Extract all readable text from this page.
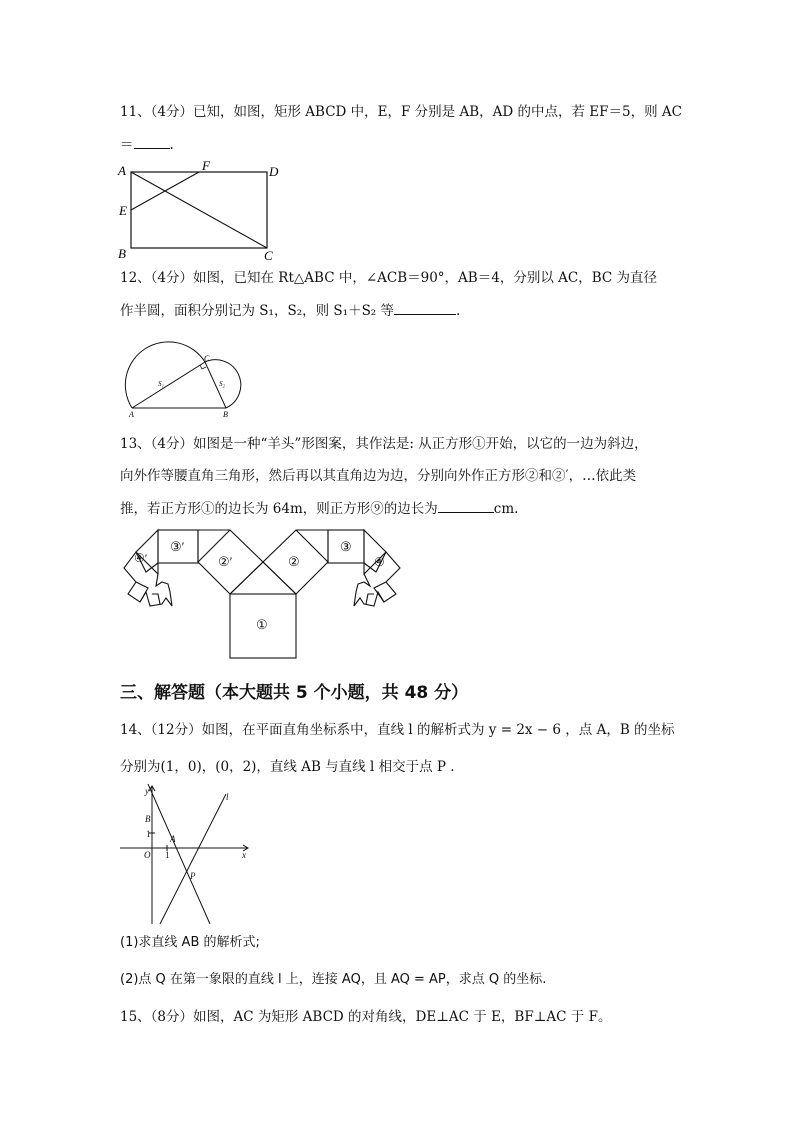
11、（4分）已知，如图，矩形 ABCD 中，E，F 分别是 AB，AD 的中点，若 EF＝5，则 AC
＝	.
A
E
B
F	D
C
12、（4分）如图，已知在 Rt△ABC 中，∠ACB＝90°，AB＝4，分别以 AC，BC 为直径
作半圆，面积分别记为 S₁，S₂，则 S₁＋S₂ 等	.
A	B
C
S₁	S₂
13、（4分）如图是一种“羊头”形图案，其作法是: 从正方形①开始，以它的一边为斜边，
向外作等腰直角三角形，然后再以其直角边为边，分别向外作正方形②和②′，…依此类
推，若正方形①的边长为 64m，则正方形⑨的边长为	cm.
①
②
②′
③
③′
④
④′
三、解答题（本大题共 5 个小题，共 48 分）
14、（12分）如图，在平面直角坐标系中，直线 l 的解析式为 y = 2x − 6 ，点 A，B 的坐标
分别为(1，0)，(0，2)，直线 AB 与直线 l 相交于点 P .
y
x
B
1 A
1
O
P
l
(1)求直线 AB 的解析式;
(2)点 Q 在第一象限的直线 l 上，连接 AQ，且 AQ = AP，求点 Q 的坐标.
15、（8分）如图，AC 为矩形 ABCD 的对角线，DE⊥AC 于 E，BF⊥AC 于 F。
